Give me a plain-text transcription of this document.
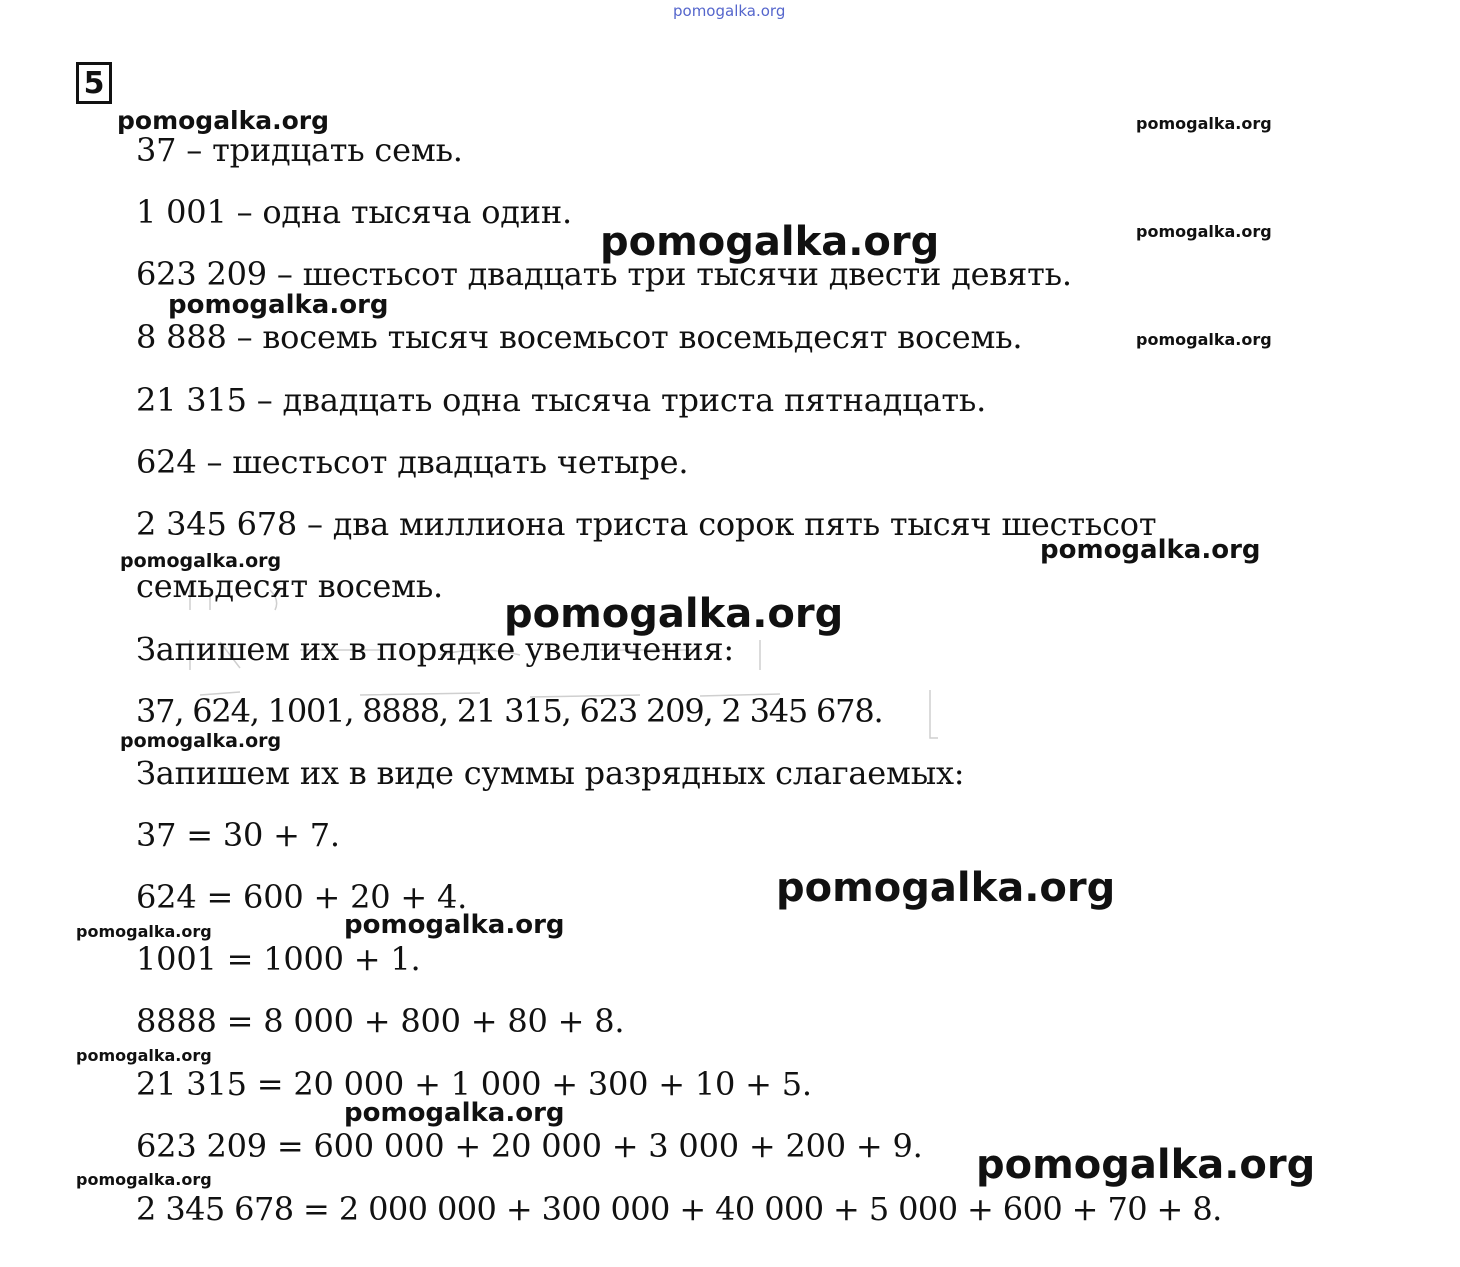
pomogalka.org
5
37 – тридцать семь.
1 001 – одна тысяча один.
623 209 – шестьсот двадцать три тысячи двести девять.
8 888 – восемь тысяч восемьсот восемьдесят восемь.
21 315 – двадцать одна тысяча триста пятнадцать.
624 – шестьсот двадцать четыре.
2 345 678 – два миллиона триста сорок пять тысяч шестьсот
семьдесят восемь.
Запишем их в порядке увеличения:
37, 624, 1001, 8888, 21 315, 623 209, 2 345 678.
Запишем их в виде суммы разрядных слагаемых:
37 = 30 + 7.
624 = 600 + 20 + 4.
1001 = 1000 + 1.
8888 = 8 000 + 800 + 80 + 8.
21 315 = 20 000 + 1 000 + 300 + 10 + 5.
623 209 = 600 000 + 20 000 + 3 000 + 200 + 9.
2 345 678 = 2 000 000 + 300 000 + 40 000 + 5 000 + 600 + 70 + 8.
pomogalka.org	pomogalka.org
pomogalka.org	pomogalka.org
pomogalka.org
pomogalka.org
pomogalka.org
pomogalka.org
pomogalka.org
pomogalka.org
pomogalka.org
pomogalka.org
pomogalka.org
pomogalka.org
pomogalka.org
pomogalka.org
pomogalka.org
